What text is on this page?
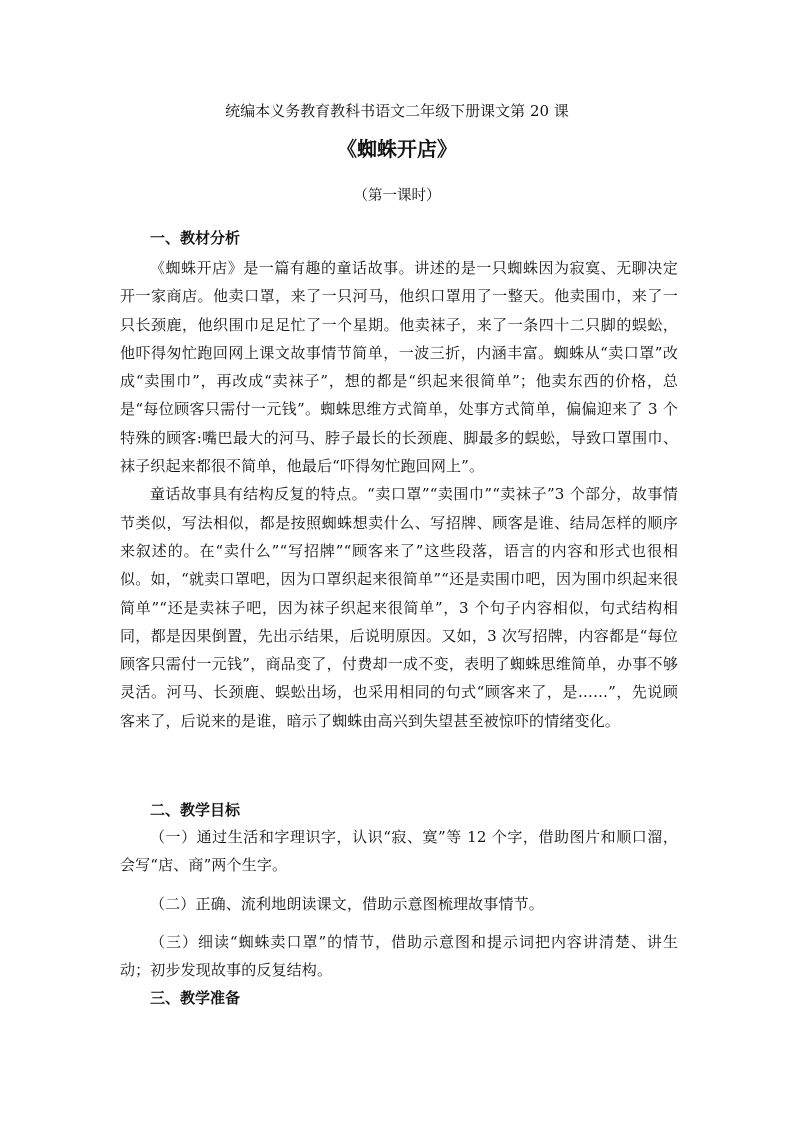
统编本义务教育教科书语文二年级下册课文第 20 课
《蜘蛛开店》
（第一课时）
一、教材分析

《蜘蛛开店》是一篇有趣的童话故事。讲述的是一只蜘蛛因为寂寞、无聊决定开一家商店。他卖口罩，来了一只河马，他织口罩用了一整天。他卖围巾，来了一只长颈鹿，他织围巾足足忙了一个星期。他卖袜子，来了一条四十二只脚的蜈蚣，他吓得匆忙跑回网上课文故事情节简单，一波三折，内涵丰富。蜘蛛从“卖口罩”改成“卖围巾”，再改成“卖袜子”，想的都是“织起来很简单”；他卖东西的价格，总是“每位顾客只需付一元钱”。蜘蛛思维方式简单，处事方式简单，偏偏迎来了 3 个特殊的顾客:嘴巴最大的河马、脖子最长的长颈鹿、脚最多的蜈蚣，导致口罩围巾、袜子织起来都很不简单，他最后“吓得匆忙跑回网上”。

童话故事具有结构反复的特点。“卖口罩”“卖围巾”“卖袜子”3 个部分，故事情节类似，写法相似，都是按照蜘蛛想卖什么、写招牌、顾客是谁、结局怎样的顺序来叙述的。在“卖什么”“写招牌”“顾客来了”这些段落，语言的内容和形式也很相似。如，“就卖口罩吧，因为口罩织起来很简单”“还是卖围巾吧，因为围巾织起来很简单”“还是卖袜子吧，因为袜子织起来很简单”，3 个句子内容相似，句式结构相同，都是因果倒置，先出示结果，后说明原因。又如，3 次写招牌，内容都是“每位顾客只需付一元钱”，商品变了，付费却一成不变，表明了蜘蛛思维简单，办事不够灵活。河马、长颈鹿、蜈蚣出场，也采用相同的句式“顾客来了，是……”，先说顾客来了，后说来的是谁，暗示了蜘蛛由高兴到失望甚至被惊吓的情绪变化。

二、教学目标

（一）通过生活和字理识字，认识“寂、寞”等 12 个字，借助图片和顺口溜，会写“店、商”两个生字。

（二）正确、流利地朗读课文，借助示意图梳理故事情节。

（三）细读“蜘蛛卖口罩”的情节，借助示意图和提示词把内容讲清楚、讲生动；初步发现故事的反复结构。

三、教学准备
